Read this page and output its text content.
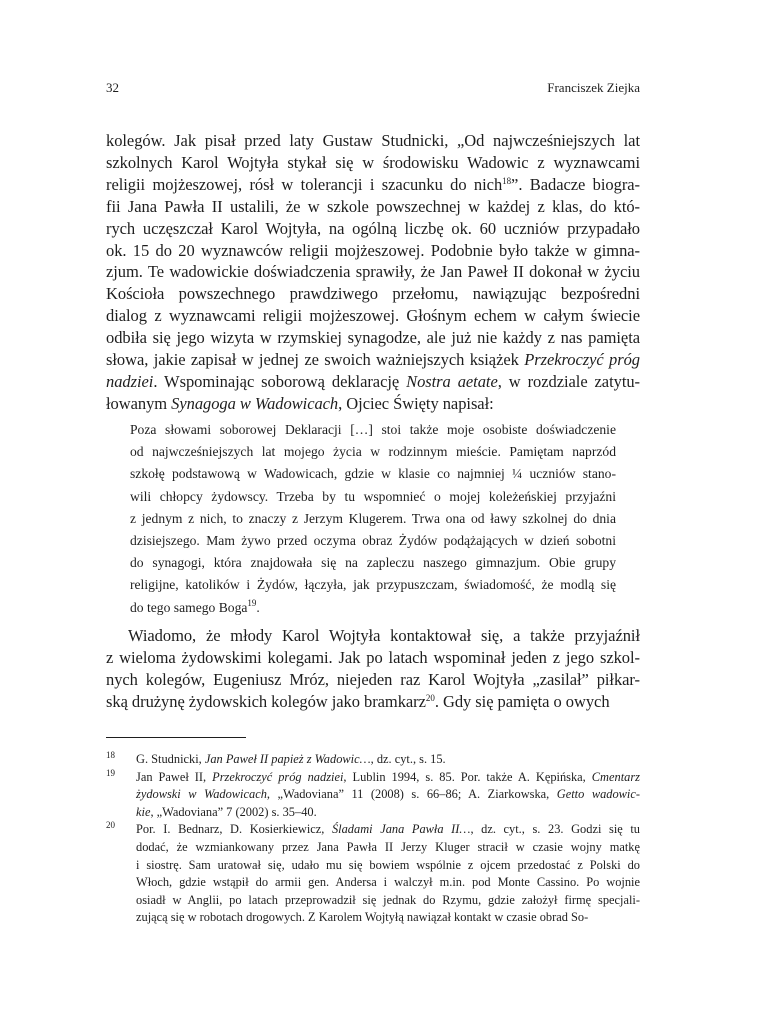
32	Franciszek Ziejka
kolegów. Jak pisał przed laty Gustaw Studnicki, „Od najwcześniejszych lat
szkolnych Karol Wojtyła stykał się w środowisku Wadowic z wyznawcami
religii mojżeszowej, rósł w tolerancji i szacunku do nich$^{18}$”. Badacze biogra-
fii Jana Pawła II ustalili, że w szkole powszechnej w każdej z klas, do któ-
rych uczęszczał Karol Wojtyła, na ogólną liczbę ok. 60 uczniów przypadało
ok. 15 do 20 wyznawców religii mojżeszowej. Podobnie było także w gimna-
zjum. Te wadowickie doświadczenia sprawiły, że Jan Paweł II dokonał w życiu
Kościoła powszechnego prawdziwego przełomu, nawiązując bezpośredni
dialog z wyznawcami religii mojżeszowej. Głośnym echem w całym świecie
odbiła się jego wizyta w rzymskiej synagodze, ale już nie każdy z nas pamięta
słowa, jakie zapisał w jednej ze swoich ważniejszych książek Przekroczyć próg
nadziei. Wspominając soborową deklarację Nostra aetate, w rozdziale zatytu-
łowanym Synagoga w Wadowicach, Ojciec Święty napisał:
Poza słowami soborowej Deklaracji […] stoi także moje osobiste doświadczenie
od najwcześniejszych lat mojego życia w rodzinnym mieście. Pamiętam naprzód
szkołę podstawową w Wadowicach, gdzie w klasie co najmniej ¼ uczniów stano-
wili chłopcy żydowscy. Trzeba by tu wspomnieć o mojej koleżeńskiej przyjaźni
z jednym z nich, to znaczy z Jerzym Klugerem. Trwa ona od ławy szkolnej do dnia
dzisiejszego. Mam żywo przed oczyma obraz Żydów podążających w dzień sobotni
do synagogi, która znajdowała się na zapleczu naszego gimnazjum. Obie grupy
religijne, katolików i Żydów, łączyła, jak przypuszczam, świadomość, że modlą się
do tego samego Boga$^{19}$.
Wiadomo, że młody Karol Wojtyła kontaktował się, a także przyjaźnił
z wieloma żydowskimi kolegami. Jak po latach wspominał jeden z jego szkol-
nych kolegów, Eugeniusz Mróz, niejeden raz Karol Wojtyła „zasilał” piłkar-
ską drużynę żydowskich kolegów jako bramkarz$^{20}$. Gdy się pamięta o owych
18 G. Studnicki, Jan Paweł II papież z Wadowic…, dz. cyt., s. 15.
19 Jan Paweł II, Przekroczyć próg nadziei, Lublin 1994, s. 85. Por. także A. Kępińska, Cmentarz
żydowski w Wadowicach, „Wadoviana” 11 (2008) s. 66–86; A. Ziarkowska, Getto wadowic-
kie, „Wadoviana” 7 (2002) s. 35–40.
20 Por. I. Bednarz, D. Kosierkiewicz, Śladami Jana Pawła II…, dz. cyt., s. 23. Godzi się tu
dodać, że wzmiankowany przez Jana Pawła II Jerzy Kluger stracił w czasie wojny matkę
i siostrę. Sam uratował się, udało mu się bowiem wspólnie z ojcem przedostać z Polski do
Włoch, gdzie wstąpił do armii gen. Andersa i walczył m.in. pod Monte Cassino. Po wojnie
osiadł w Anglii, po latach przeprowadził się jednak do Rzymu, gdzie założył firmę specjali-
zującą się w robotach drogowych. Z Karolem Wojtyłą nawiązał kontakt w czasie obrad So-
